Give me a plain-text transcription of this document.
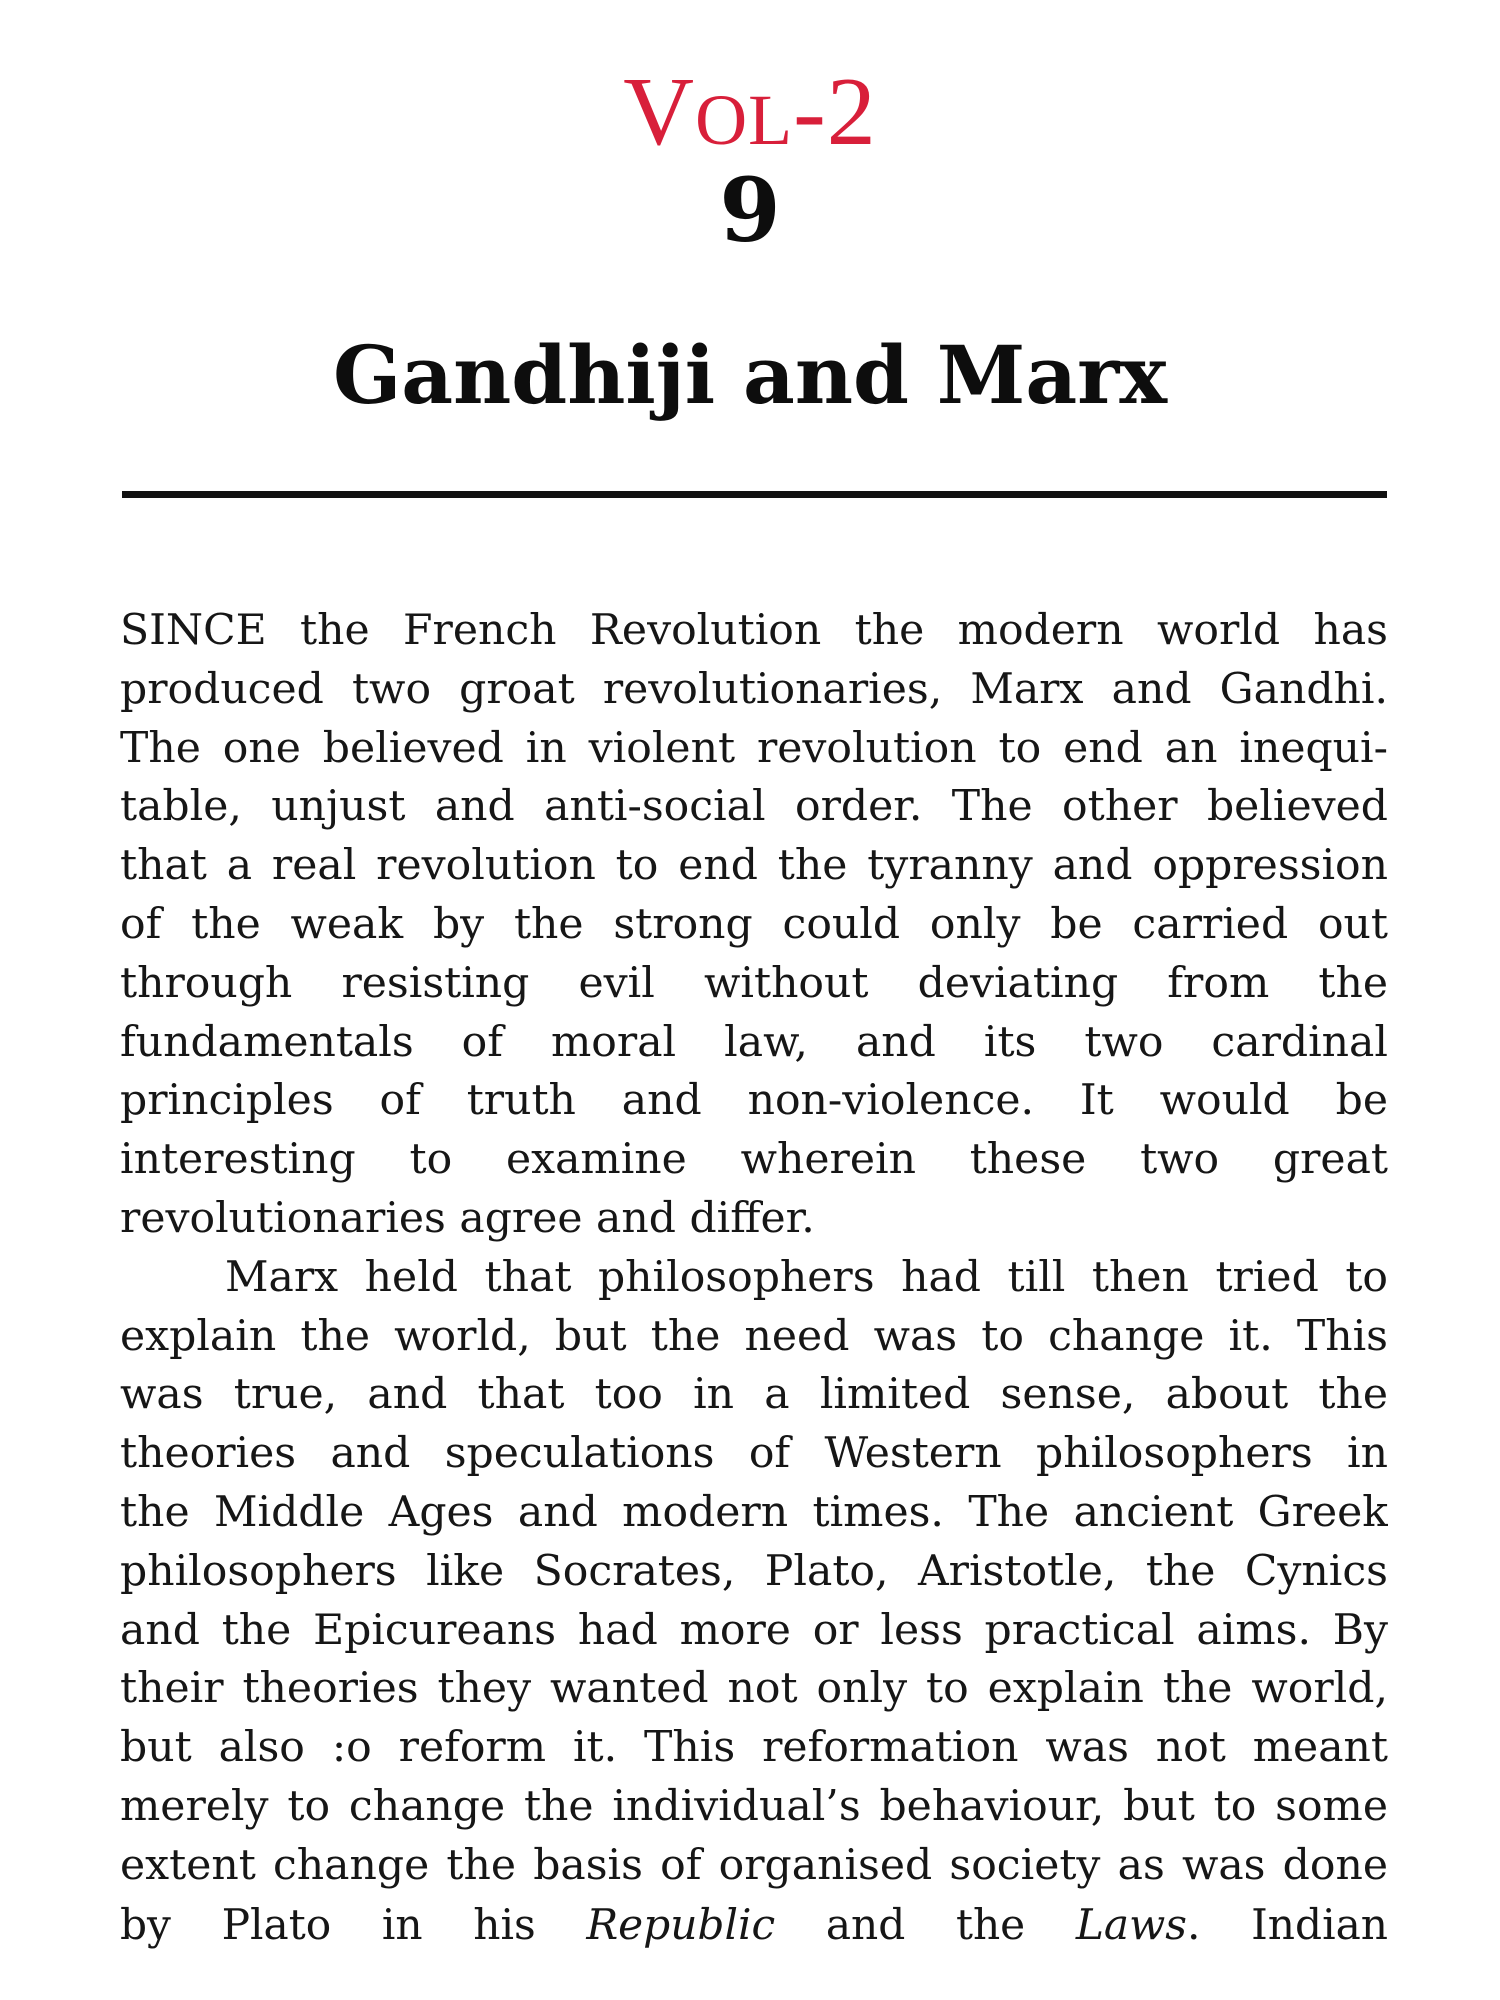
VOL-2
9
Gandhiji and Marx
SINCE the French Revolution the modern world has
produced two groat revolutionaries, Marx and Gandhi.
The one believed in violent revolution to end an inequi-
table, unjust and anti-social order. The other believed
that a real revolution to end the tyranny and oppression
of the weak by the strong could only be carried out
through resisting evil without deviating from the
fundamentals of moral law, and its two cardinal
principles of truth and non-violence. It would be
interesting to examine wherein these two great
revolutionaries agree and differ.
Marx held that philosophers had till then tried to
explain the world, but the need was to change it. This
was true, and that too in a limited sense, about the
theories and speculations of Western philosophers in
the Middle Ages and modern times. The ancient Greek
philosophers like Socrates, Plato, Aristotle, the Cynics
and the Epicureans had more or less practical aims. By
their theories they wanted not only to explain the world,
but also :o reform it. This reformation was not meant
merely to change the individual’s behaviour, but to some
extent change the basis of organised society as was done
by Plato in his Republic and the Laws. Indian
